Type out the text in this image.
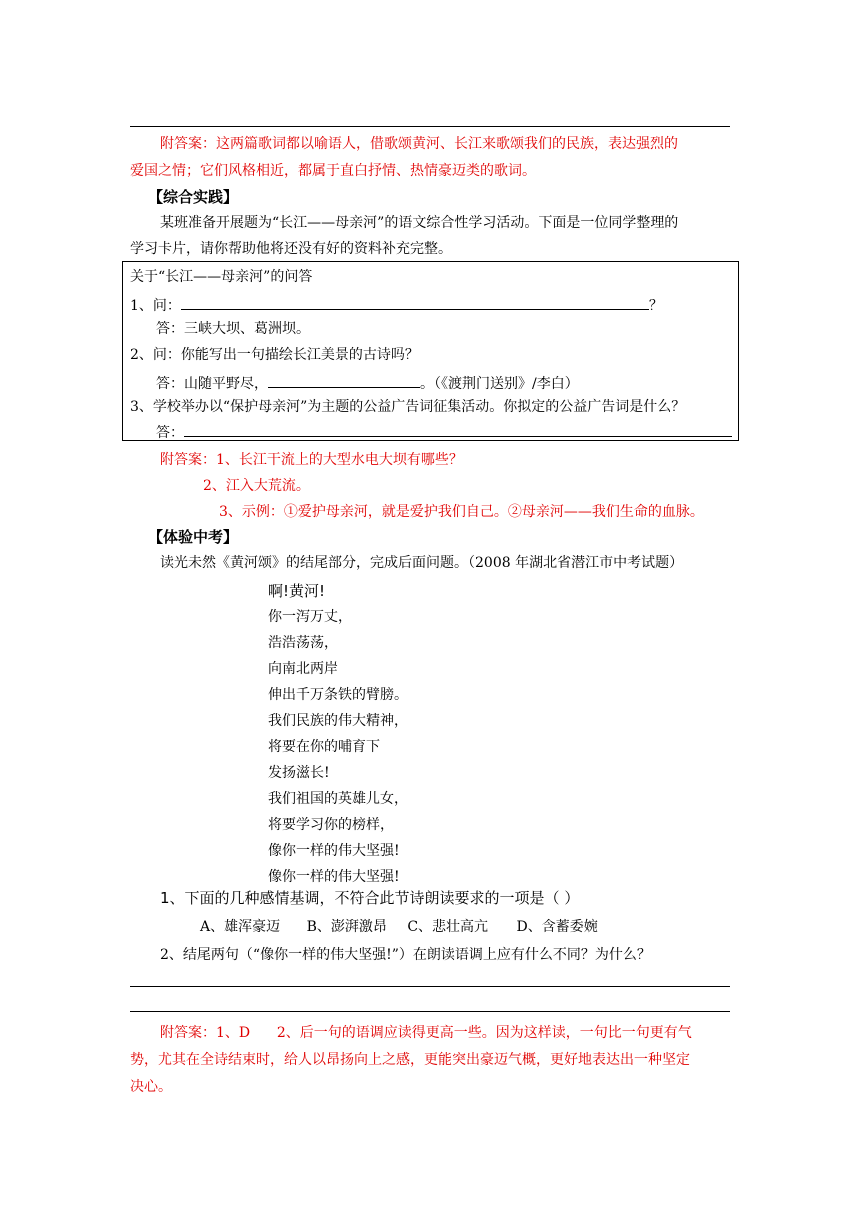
附答案：这两篇歌词都以喻语人，借歌颂黄河、长江来歌颂我们的民族，表达强烈的
爱国之情；它们风格相近，都属于直白抒情、热情豪迈类的歌词。
【综合实践】
某班准备开展题为“长江——母亲河”的语文综合性学习活动。下面是一位同学整理的
学习卡片，请你帮助他将还没有好的资料补充完整。
关于“长江——母亲河”的问答
1、问：	？
答：三峡大坝、葛洲坝。
2、问：你能写出一句描绘长江美景的古诗吗？
答：山随平野尽，	。（《渡荆门送别》/李白）
3、学校举办以“保护母亲河”为主题的公益广告词征集活动。你拟定的公益广告词是什么？
答：
附答案：1、长江干流上的大型水电大坝有哪些？
2、江入大荒流。
3、示例：①爱护母亲河，就是爱护我们自己。②母亲河——我们生命的血脉。
【体验中考】
读光未然《黄河颂》的结尾部分，完成后面问题。（2008 年湖北省潜江市中考试题）
啊!黄河!
你一泻万丈，
浩浩荡荡，
向南北两岸
伸出千万条铁的臂膀。
我们民族的伟大精神，
将要在你的哺育下
发扬滋长!
我们祖国的英雄儿女，
将要学习你的榜样，
像你一样的伟大坚强!
像你一样的伟大坚强!
1、下面的几种感情基调，不符合此节诗朗读要求的一项是（ ）
A、雄浑豪迈 B、澎湃激昂 C、悲壮高亢 D、含蓄委婉
2、结尾两句（“像你一样的伟大坚强!”）在朗读语调上应有什么不同？为什么？
附答案：1、D      2、后一句的语调应读得更高一些。因为这样读，一句比一句更有气
势，尤其在全诗结束时，给人以昂扬向上之感，更能突出豪迈气概，更好地表达出一种坚定
决心。
